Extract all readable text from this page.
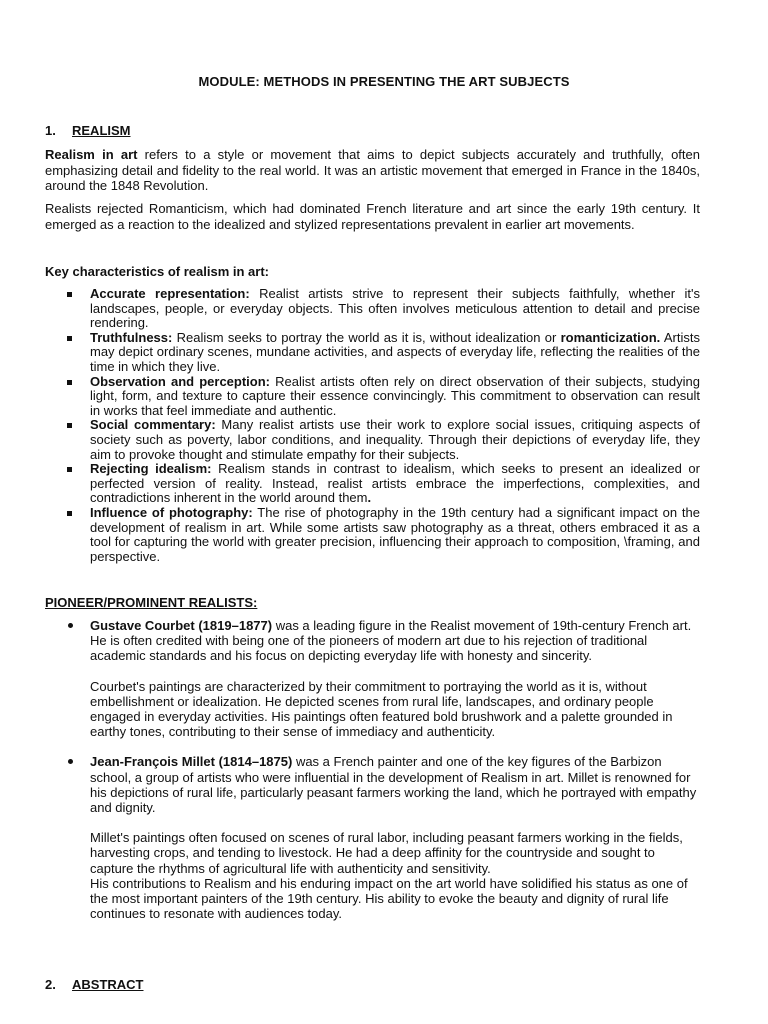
MODULE: METHODS IN PRESENTING THE ART SUBJECTS
1. REALISM
Realism in art refers to a style or movement that aims to depict subjects accurately and truthfully, often emphasizing detail and fidelity to the real world. It was an artistic movement that emerged in France in the 1840s, around the 1848 Revolution.
Realists rejected Romanticism, which had dominated French literature and art since the early 19th century. It emerged as a reaction to the idealized and stylized representations prevalent in earlier art movements.
Key characteristics of realism in art:
Accurate representation: Realist artists strive to represent their subjects faithfully, whether it's landscapes, people, or everyday objects. This often involves meticulous attention to detail and precise rendering.
Truthfulness: Realism seeks to portray the world as it is, without idealization or romanticization. Artists may depict ordinary scenes, mundane activities, and aspects of everyday life, reflecting the realities of the time in which they live.
Observation and perception: Realist artists often rely on direct observation of their subjects, studying light, form, and texture to capture their essence convincingly. This commitment to observation can result in works that feel immediate and authentic.
Social commentary: Many realist artists use their work to explore social issues, critiquing aspects of society such as poverty, labor conditions, and inequality. Through their depictions of everyday life, they aim to provoke thought and stimulate empathy for their subjects.
Rejecting idealism: Realism stands in contrast to idealism, which seeks to present an idealized or perfected version of reality. Instead, realist artists embrace the imperfections, complexities, and contradictions inherent in the world around them.
Influence of photography: The rise of photography in the 19th century had a significant impact on the development of realism in art. While some artists saw photography as a threat, others embraced it as a tool for capturing the world with greater precision, influencing their approach to composition, \framing, and perspective.
PIONEER/PROMINENT REALISTS:

Gustave Courbet (1819–1877) was a leading figure in the Realist movement of 19th-century French art. He is often credited with being one of the pioneers of modern art due to his rejection of traditional academic standards and his focus on depicting everyday life with honesty and sincerity.

Courbet's paintings are characterized by their commitment to portraying the world as it is, without embellishment or idealization. He depicted scenes from rural life, landscapes, and ordinary people engaged in everyday activities. His paintings often featured bold brushwork and a palette grounded in earthy tones, contributing to their sense of immediacy and authenticity.

Jean-François Millet (1814–1875) was a French painter and one of the key figures of the Barbizon school, a group of artists who were influential in the development of Realism in art. Millet is renowned for his depictions of rural life, particularly peasant farmers working the land, which he portrayed with empathy and dignity.

Millet's paintings often focused on scenes of rural labor, including peasant farmers working in the fields, harvesting crops, and tending to livestock. He had a deep affinity for the countryside and sought to capture the rhythms of agricultural life with authenticity and sensitivity.
His contributions to Realism and his enduring impact on the art world have solidified his status as one of the most important painters of the 19th century. His ability to evoke the beauty and dignity of rural life continues to resonate with audiences today.

2. ABSTRACT
